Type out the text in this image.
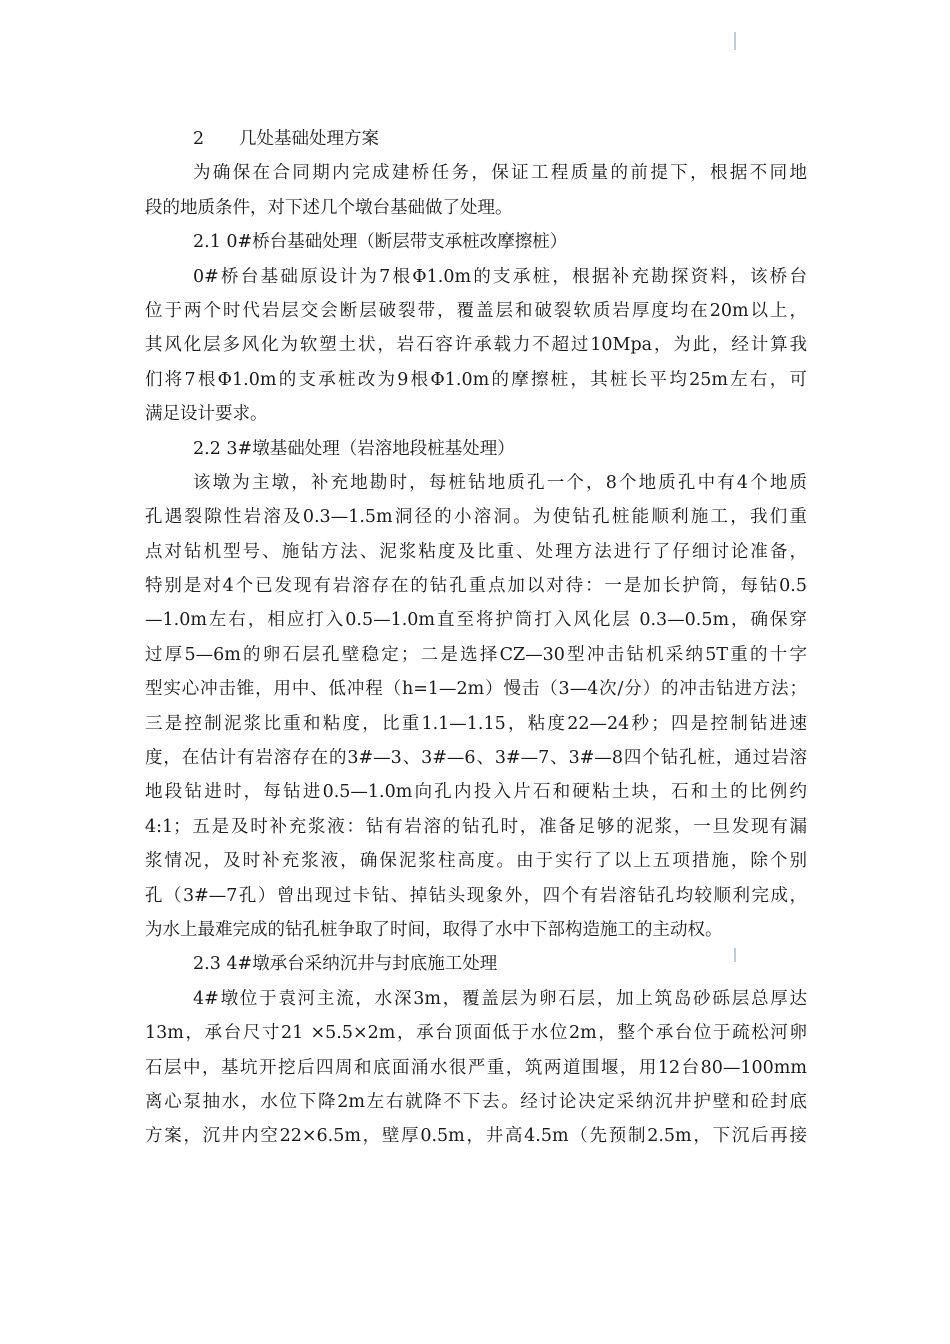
2 几处基础处理方案
为确保在合同期内完成建桥任务，保证工程质量的前提下，根据不同地
段的地质条件，对下述几个墩台基础做了处理。
2.1 0#桥台基础处理（断层带支承桩改摩擦桩）
0#桥台基础原设计为7根Φ1.0m的支承桩，根据补充勘探资料，该桥台
位于两个时代岩层交会断层破裂带，覆盖层和破裂软质岩厚度均在20m以上，
其风化层多风化为软塑土状，岩石容许承载力不超过10Mpa，为此，经计算我
们将7根Φ1.0m的支承桩改为9根Φ1.0m的摩擦桩，其桩长平均25m左右，可
满足设计要求。
2.2 3#墩基础处理（岩溶地段桩基处理）
该墩为主墩，补充地勘时，每桩钻地质孔一个，8个地质孔中有4个地质
孔遇裂隙性岩溶及0.3—1.5m洞径的小溶洞。为使钻孔桩能顺利施工，我们重
点对钻机型号、施钻方法、泥浆粘度及比重、处理方法进行了仔细讨论准备，
特别是对4个已发现有岩溶存在的钻孔重点加以对待：一是加长护筒，每钻0.5
—1.0m左右，相应打入0.5—1.0m直至将护筒打入风化层 0.3—0.5m，确保穿
过厚5—6m的卵石层孔壁稳定；二是选择CZ—30型冲击钻机采纳5T重的十字
型实心冲击锥，用中、低冲程（h=1—2m）慢击（3—4次/分）的冲击钻进方法；
三是控制泥浆比重和粘度，比重1.1—1.15，粘度22—24秒；四是控制钻进速
度，在估计有岩溶存在的3#—3、3#—6、3#—7、3#—8四个钻孔桩，通过岩溶
地段钻进时，每钻进0.5—1.0m向孔内投入片石和硬粘土块，石和土的比例约
4:1；五是及时补充浆液：钻有岩溶的钻孔时，准备足够的泥浆，一旦发现有漏
浆情况，及时补充浆液，确保泥浆柱高度。由于实行了以上五项措施，除个别
孔（3#—7孔）曾出现过卡钻、掉钻头现象外，四个有岩溶钻孔均较顺利完成，
为水上最难完成的钻孔桩争取了时间，取得了水中下部构造施工的主动权。
2.3 4#墩承台采纳沉井与封底施工处理
4#墩位于袁河主流，水深3m，覆盖层为卵石层，加上筑岛砂砾层总厚达
13m，承台尺寸21 ×5.5×2m，承台顶面低于水位2m，整个承台位于疏松河卵
石层中，基坑开挖后四周和底面涌水很严重，筑两道围堰，用12台80—100mm
离心泵抽水，水位下降2m左右就降不下去。经讨论决定采纳沉井护壁和砼封底
方案，沉井内空22×6.5m，壁厚0.5m，井高4.5m（先预制2.5m，下沉后再接
